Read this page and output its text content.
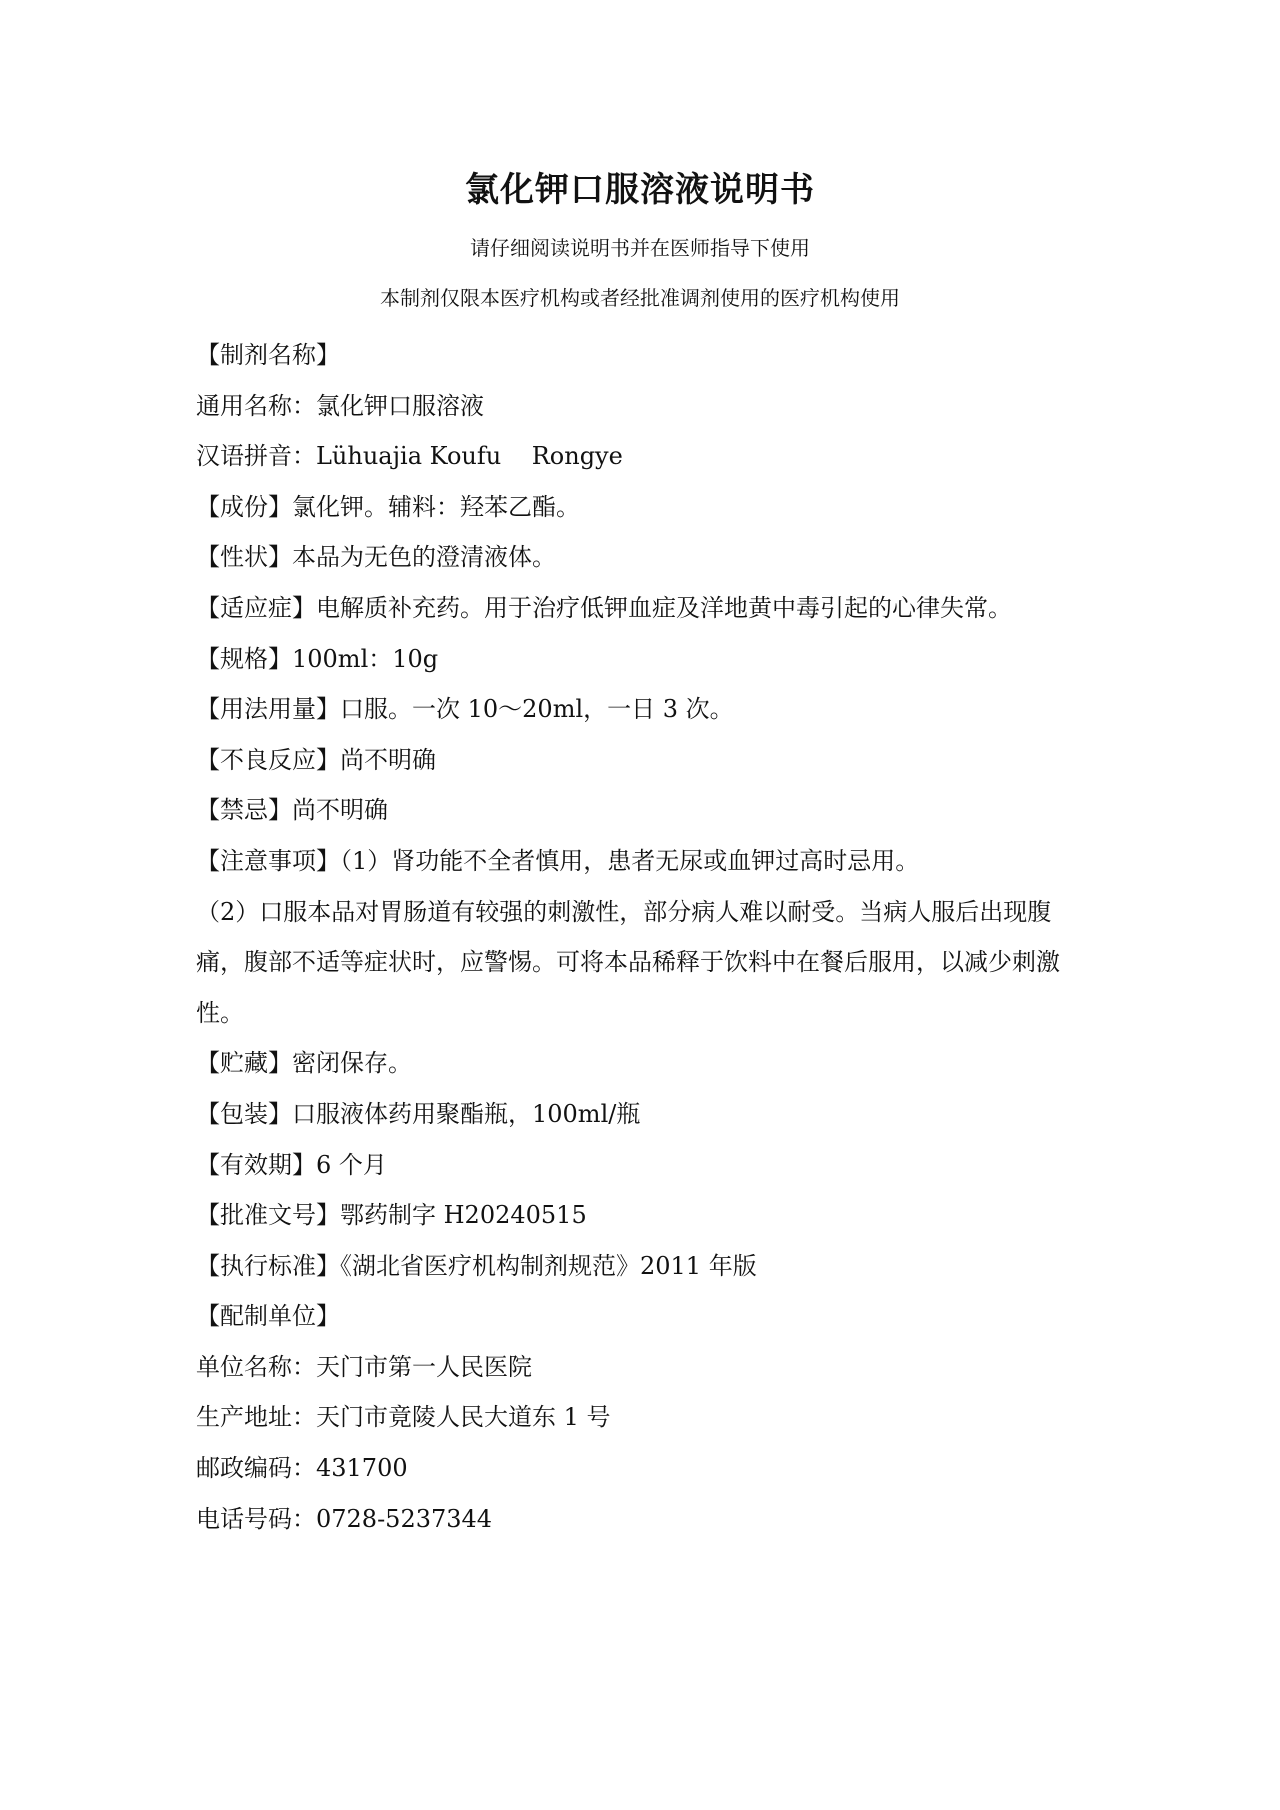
氯化钾口服溶液说明书
请仔细阅读说明书并在医师指导下使用
本制剂仅限本医疗机构或者经批准调剂使用的医疗机构使用
【制剂名称】
通用名称：氯化钾口服溶液
汉语拼音：Lühuajia Koufu    Rongye
【成份】氯化钾。辅料：羟苯乙酯。
【性状】本品为无色的澄清液体。
【适应症】电解质补充药。用于治疗低钾血症及洋地黄中毒引起的心律失常。
【规格】100ml：10g
【用法用量】口服。一次 10～20ml，一日 3 次。
【不良反应】尚不明确
【禁忌】尚不明确
【注意事项】（1）肾功能不全者慎用，患者无尿或血钾过高时忌用。
（2）口服本品对胃肠道有较强的刺激性，部分病人难以耐受。当病人服后出现腹痛，腹部不适等症状时，应警惕。可将本品稀释于饮料中在餐后服用，以减少刺激性。
【贮藏】密闭保存。
【包装】口服液体药用聚酯瓶，100ml/瓶
【有效期】6 个月
【批准文号】鄂药制字 H20240515
【执行标准】《湖北省医疗机构制剂规范》2011 年版
【配制单位】
单位名称：天门市第一人民医院
生产地址：天门市竟陵人民大道东 1 号
邮政编码：431700
电话号码：0728-5237344
